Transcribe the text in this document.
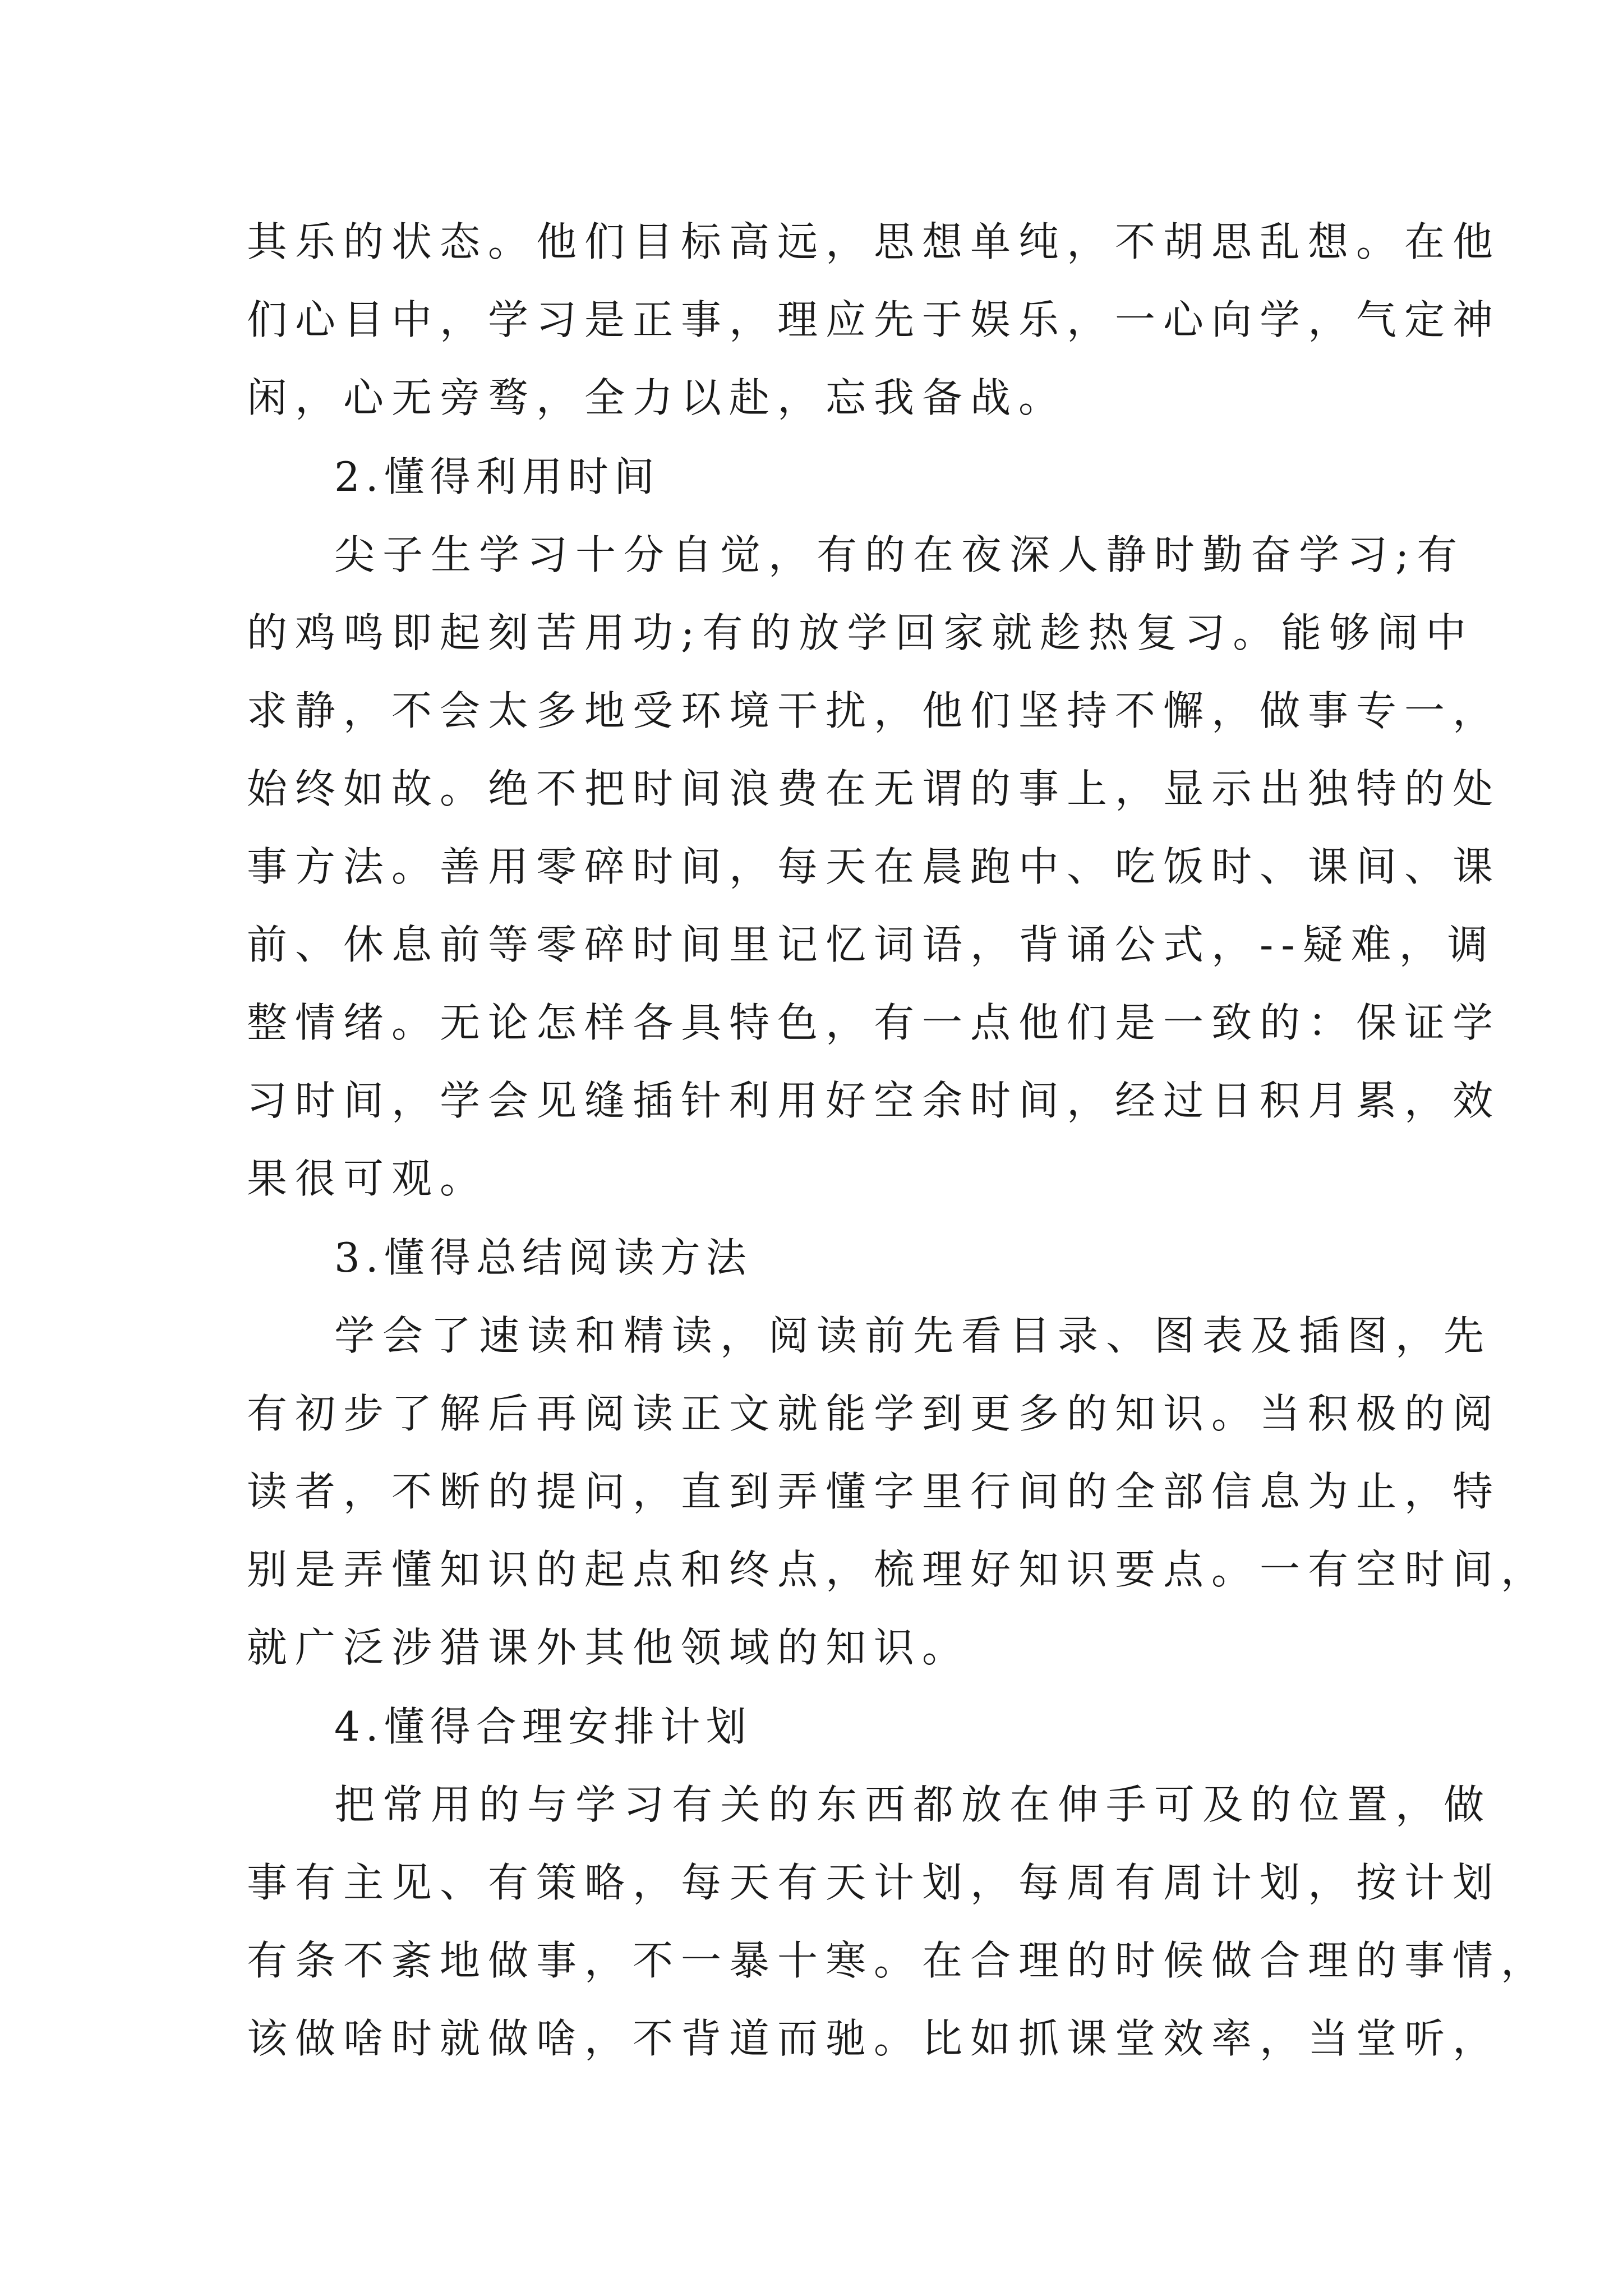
其乐的状态。他们目标高远，思想单纯，不胡思乱想。在他
们心目中，学习是正事，理应先于娱乐，一心向学，气定神
闲，心无旁骛，全力以赴，忘我备战。
2.懂得利用时间
尖子生学习十分自觉，有的在夜深人静时勤奋学习;有
的鸡鸣即起刻苦用功;有的放学回家就趁热复习。能够闹中
求静，不会太多地受环境干扰，他们坚持不懈，做事专一，
始终如故。绝不把时间浪费在无谓的事上，显示出独特的处
事方法。善用零碎时间，每天在晨跑中、吃饭时、课间、课
前、休息前等零碎时间里记忆词语，背诵公式，--疑难，调
整情绪。无论怎样各具特色，有一点他们是一致的：保证学
习时间，学会见缝插针利用好空余时间，经过日积月累，效
果很可观。
3.懂得总结阅读方法
学会了速读和精读，阅读前先看目录、图表及插图，先
有初步了解后再阅读正文就能学到更多的知识。当积极的阅
读者，不断的提问，直到弄懂字里行间的全部信息为止，特
别是弄懂知识的起点和终点，梳理好知识要点。一有空时间，
就广泛涉猎课外其他领域的知识。
4.懂得合理安排计划
把常用的与学习有关的东西都放在伸手可及的位置，做
事有主见、有策略，每天有天计划，每周有周计划，按计划
有条不紊地做事，不一暴十寒。在合理的时候做合理的事情，
该做啥时就做啥，不背道而驰。比如抓课堂效率，当堂听，
